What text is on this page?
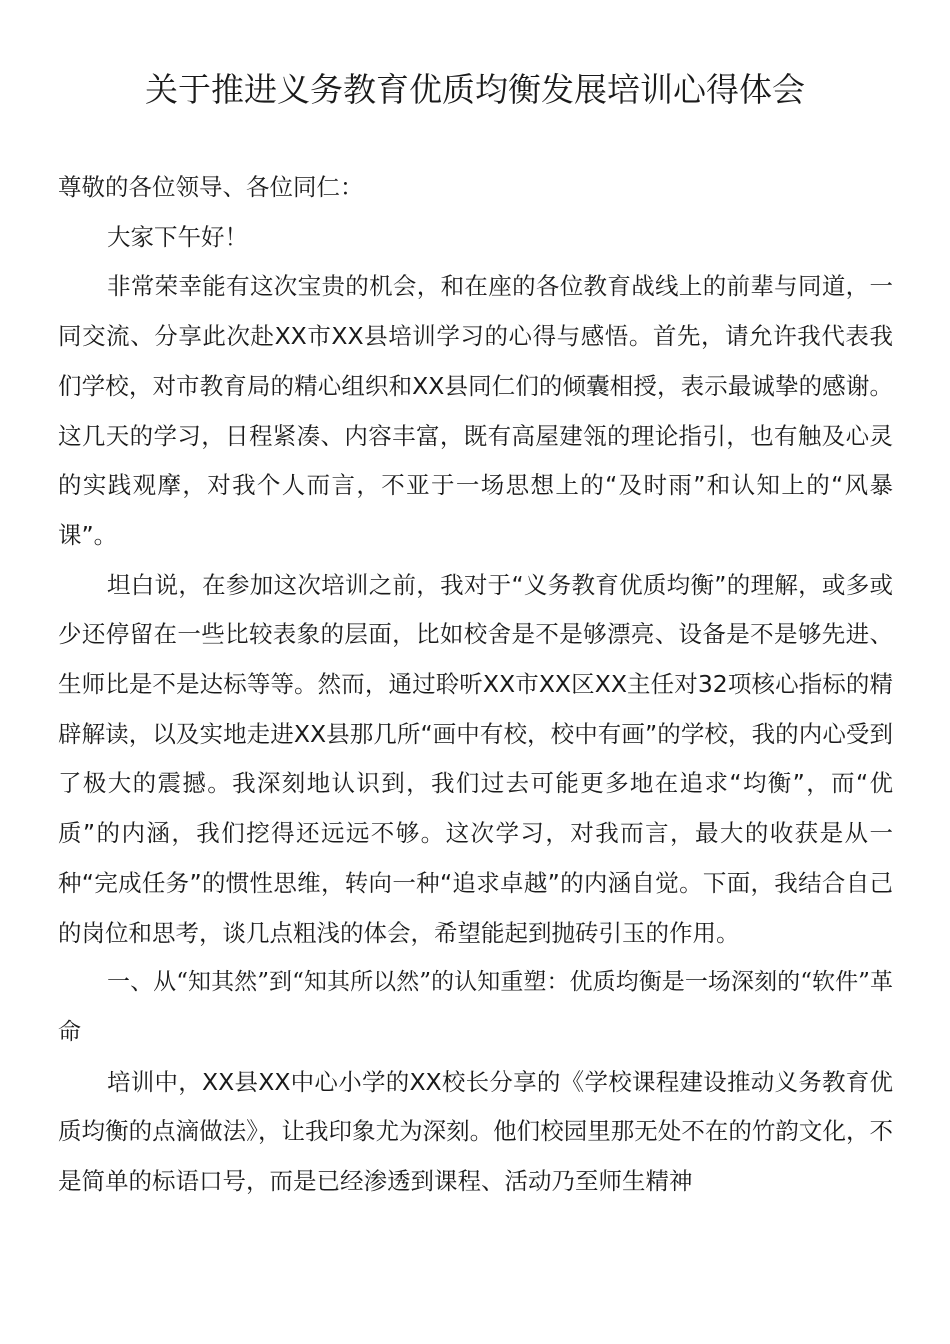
关于推进义务教育优质均衡发展培训心得体会

尊敬的各位领导、各位同仁：

大家下午好！

非常荣幸能有这次宝贵的机会，和在座的各位教育战线上的前辈与同道，一同交流、分享此次赴XX市XX县培训学习的心得与感悟。首先，请允许我代表我们学校，对市教育局的精心组织和XX县同仁们的倾囊相授，表示最诚挚的感谢。这几天的学习，日程紧凑、内容丰富，既有高屋建瓴的理论指引，也有触及心灵的实践观摩，对我个人而言，不亚于一场思想上的“及时雨”和认知上的“风暴课”。

坦白说，在参加这次培训之前，我对于“义务教育优质均衡”的理解，或多或少还停留在一些比较表象的层面，比如校舍是不是够漂亮、设备是不是够先进、生师比是不是达标等等。然而，通过聆听XX市XX区XX主任对32项核心指标的精辟解读，以及实地走进XX县那几所“画中有校，校中有画”的学校，我的内心受到了极大的震撼。我深刻地认识到，我们过去可能更多地在追求“均衡”，而“优质”的内涵，我们挖得还远远不够。这次学习，对我而言，最大的收获是从一种“完成任务”的惯性思维，转向一种“追求卓越”的内涵自觉。下面，我结合自己的岗位和思考，谈几点粗浅的体会，希望能起到抛砖引玉的作用。

一、从“知其然”到“知其所以然”的认知重塑：优质均衡是一场深刻的“软件”革命

培训中，XX县XX中心小学的XX校长分享的《学校课程建设推动义务教育优质均衡的点滴做法》，让我印象尤为深刻。他们校园里那无处不在的竹韵文化，不是简单的标语口号，而是已经渗透到课程、活动乃至师生精神
